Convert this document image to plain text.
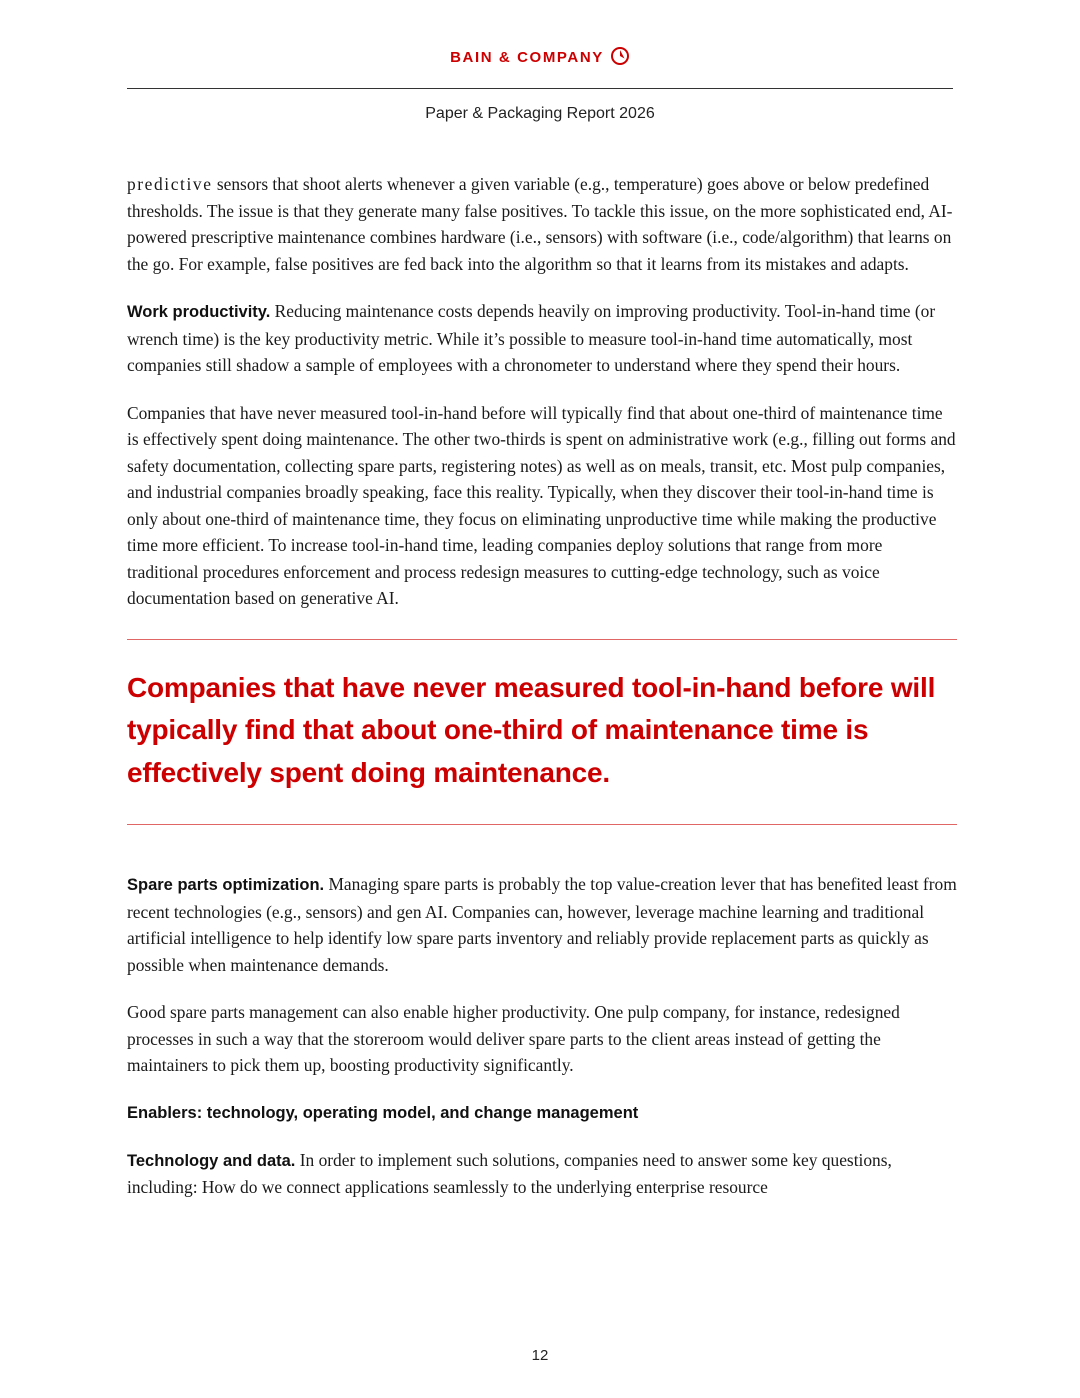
BAIN & COMPANY
Paper & Packaging Report 2026

predictive sensors that shoot alerts whenever a given variable (e.g., temperature) goes above or below predefined thresholds. The issue is that they generate many false positives. To tackle this issue, on the more sophisticated end, AI-powered prescriptive maintenance combines hardware (i.e., sensors) with software (i.e., code/algorithm) that learns on the go. For example, false positives are fed back into the algorithm so that it learns from its mistakes and adapts.

Work productivity. Reducing maintenance costs depends heavily on improving productivity. Tool-in-hand time (or wrench time) is the key productivity metric. While it’s possible to measure tool-in-hand time automatically, most companies still shadow a sample of employees with a chronometer to understand where they spend their hours.

Companies that have never measured tool-in-hand before will typically find that about one-third of maintenance time is effectively spent doing maintenance. The other two-thirds is spent on administrative work (e.g., filling out forms and safety documentation, collecting spare parts, registering notes) as well as on meals, transit, etc. Most pulp companies, and industrial companies broadly speaking, face this reality. Typically, when they discover their tool-in-hand time is only about one-third of maintenance time, they focus on eliminating unproductive time while making the productive time more efficient. To increase tool-in-hand time, leading companies deploy solutions that range from more traditional procedures enforcement and process redesign measures to cutting-edge technology, such as voice documentation based on generative AI.

Companies that have never measured tool-in-hand before will typically find that about one-third of maintenance time is effectively spent doing maintenance.

Spare parts optimization. Managing spare parts is probably the top value-creation lever that has benefited least from recent technologies (e.g., sensors) and gen AI. Companies can, however, leverage machine learning and traditional artificial intelligence to help identify low spare parts inventory and reliably provide replacement parts as quickly as possible when maintenance demands.

Good spare parts management can also enable higher productivity. One pulp company, for instance, redesigned processes in such a way that the storeroom would deliver spare parts to the client areas instead of getting the maintainers to pick them up, boosting productivity significantly.

Enablers: technology, operating model, and change management

Technology and data. In order to implement such solutions, companies need to answer some key questions, including: How do we connect applications seamlessly to the underlying enterprise resource

12
